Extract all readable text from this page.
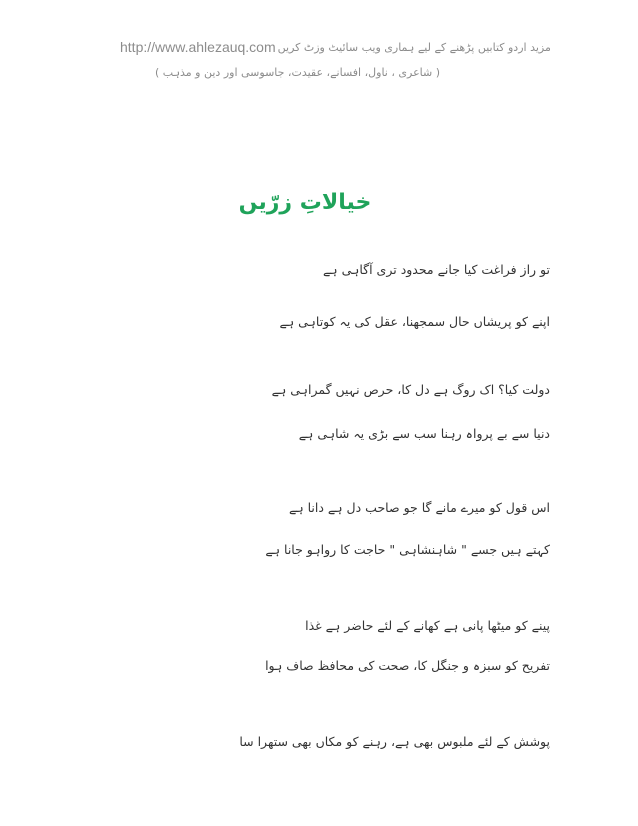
http://www.ahlezauq.com مزید اردو کتابیں پڑھنے کے لیے ہماری ویب سائیٹ وزٹ کریں
( شاعری ، ناول، افسانے، عقیدت، جاسوسی اور دین و مذہب )
خیالاتِ زرّیں
تو راز فراغت کیا جانے محدود تری آگاہی ہے
اپنے کو پریشاں حال سمجھنا، عقل کی یہ کوتاہی ہے
دولت کیا؟ اک روگ ہے دل کا، حرص نہیں گمراہی ہے
دنیا سے بے پرواہ رہنا سب سے بڑی یہ شاہی ہے
اس قول کو میرے مانے گا جو صاحب دل ہے دانا ہے
کہتے ہیں جسے " شاہنشاہی " حاجت کا رواہو جانا ہے
پینے کو میٹھا پانی ہے کھانے کے لئے حاضر ہے غذا
تفریح کو سبزہ و جنگل کا، صحت کی محافظ صاف ہوا
پوشش کے لئے ملبوس بھی ہے، رہنے کو مکاں بھی ستھرا سا
